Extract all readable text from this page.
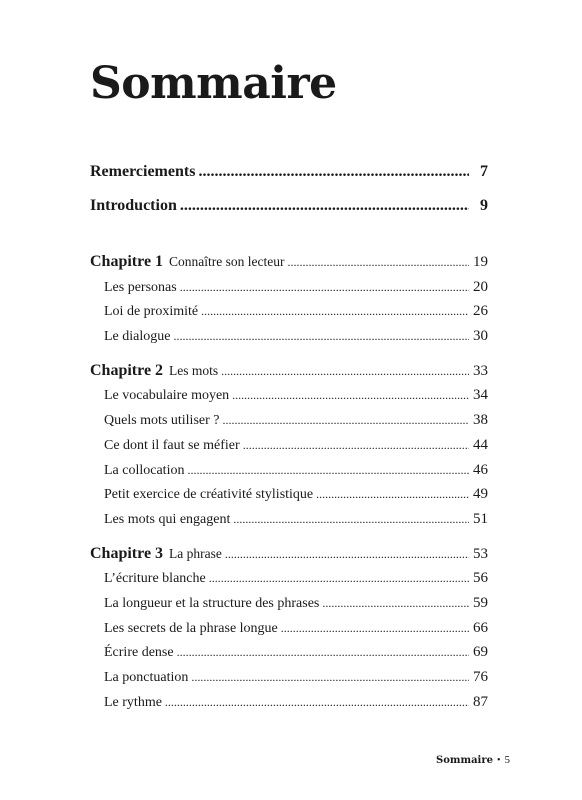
Sommaire
Remerciements .....	7
Introduction .....	9
Chapitre 1 Connaître son lecteur .....	19
Les personas .....	20
Loi de proximité .....	26
Le dialogue .....	30
Chapitre 2 Les mots .....	33
Le vocabulaire moyen .....	34
Quels mots utiliser ? .....	38
Ce dont il faut se méfier .....	44
La collocation .....	46
Petit exercice de créativité stylistique .....	49
Les mots qui engagent .....	51
Chapitre 3 La phrase .....	53
L’écriture blanche .....	56
La longueur et la structure des phrases .....	59
Les secrets de la phrase longue .....	66
Écrire dense .....	69
La ponctuation .....	76
Le rythme .....	87
Sommaire • 5
